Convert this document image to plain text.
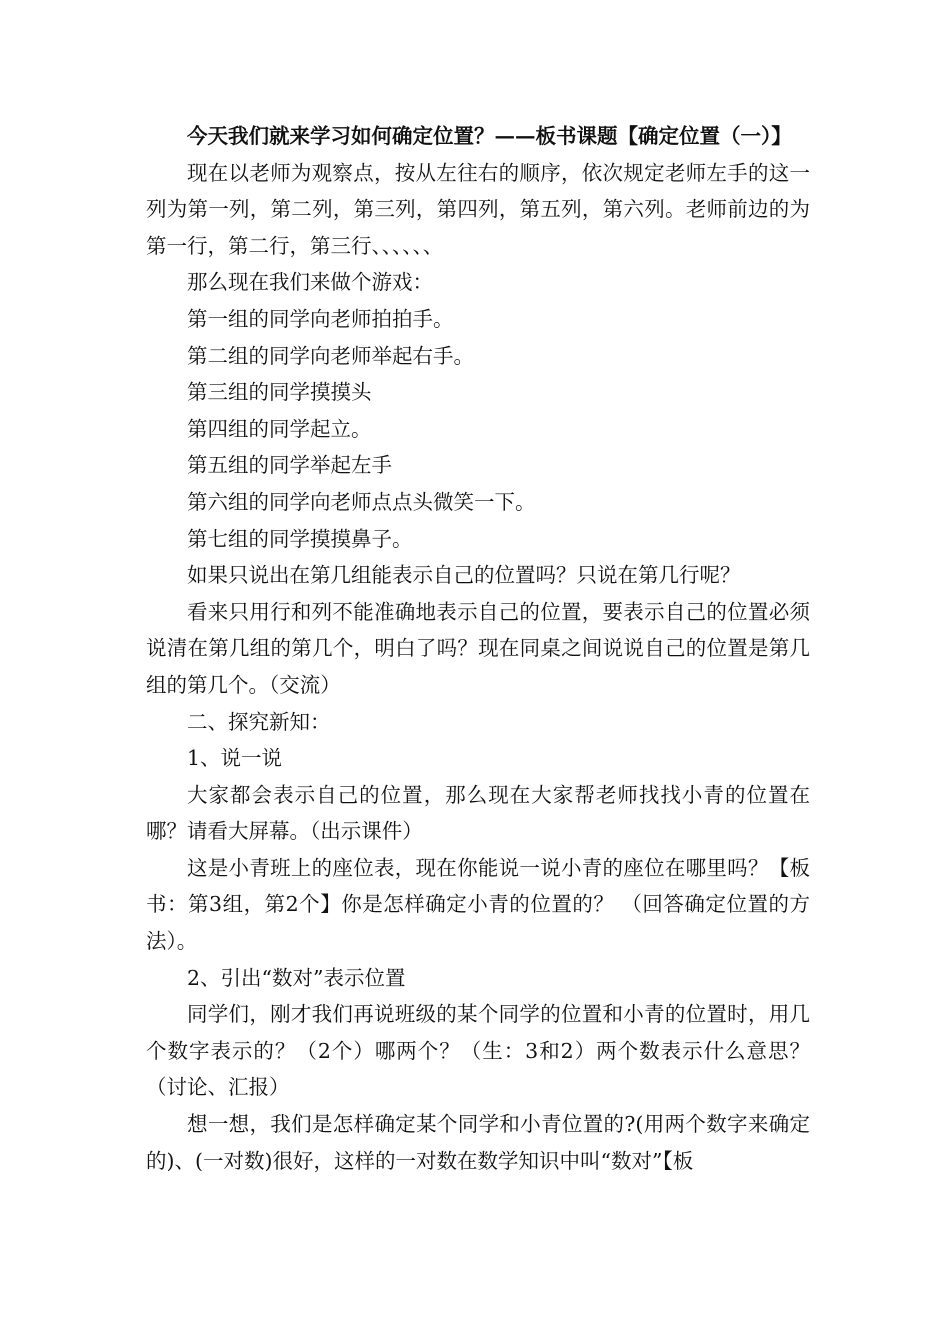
今天我们就来学习如何确定位置？——板书课题【确定位置（一）】

现在以老师为观察点，按从左往右的顺序，依次规定老师左手的这一列为第一列，第二列，第三列，第四列，第五列，第六列。老师前边的为第一行，第二行，第三行、、、、、、

那么现在我们来做个游戏：

第一组的同学向老师拍拍手。

第二组的同学向老师举起右手。

第三组的同学摸摸头

第四组的同学起立。

第五组的同学举起左手

第六组的同学向老师点点头微笑一下。

第七组的同学摸摸鼻子。

如果只说出在第几组能表示自己的位置吗？只说在第几行呢？

看来只用行和列不能准确地表示自己的位置，要表示自己的位置必须说清在第几组的第几个，明白了吗？现在同桌之间说说自己的位置是第几组的第几个。（交流）

二、探究新知：

1、说一说

大家都会表示自己的位置，那么现在大家帮老师找找小青的位置在哪？请看大屏幕。（出示课件）

这是小青班上的座位表，现在你能说一说小青的座位在哪里吗？【板书：第3组，第2个】你是怎样确定小青的位置的？ （回答确定位置的方法）。

2、引出“数对”表示位置

同学们，刚才我们再说班级的某个同学的位置和小青的位置时，用几个数字表示的？（2个）哪两个？（生：3和2）两个数表示什么意思？（讨论、汇报）

想一想，我们是怎样确定某个同学和小青位置的?(用两个数字来确定的)、(一对数)很好，这样的一对数在数学知识中叫“数对”【板
